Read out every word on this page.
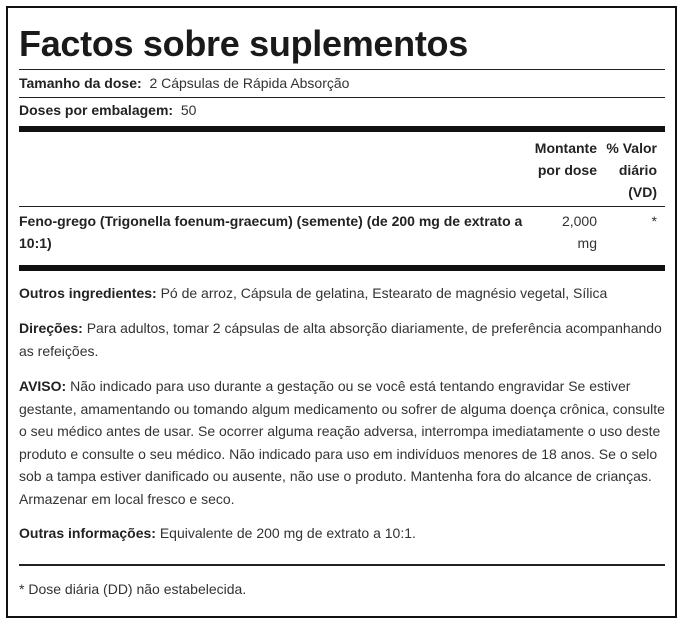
Factos sobre suplementos
Tamanho da dose: 2 Cápsulas de Rápida Absorção
Doses por embalagem: 50
Montante
por dose
% Valor
diário
(VD)
Feno-grego (Trigonella foenum-graecum) (semente) (de 200 mg de extrato a 10:1)
2,000
mg
*
Outros ingredientes: Pó de arroz, Cápsula de gelatina, Estearato de magnésio vegetal, Sílica
Direções: Para adultos, tomar 2 cápsulas de alta absorção diariamente, de preferência acompanhando as refeições.
AVISO: Não indicado para uso durante a gestação ou se você está tentando engravidar Se estiver gestante, amamentando ou tomando algum medicamento ou sofrer de alguma doença crônica, consulte o seu médico antes de usar. Se ocorrer alguma reação adversa, interrompa imediatamente o uso deste produto e consulte o seu médico. Não indicado para uso em indivíduos menores de 18 anos. Se o selo sob a tampa estiver danificado ou ausente, não use o produto. Mantenha fora do alcance de crianças. Armazenar em local fresco e seco.
Outras informações: Equivalente de 200 mg de extrato a 10:1.
* Dose diária (DD) não estabelecida.
